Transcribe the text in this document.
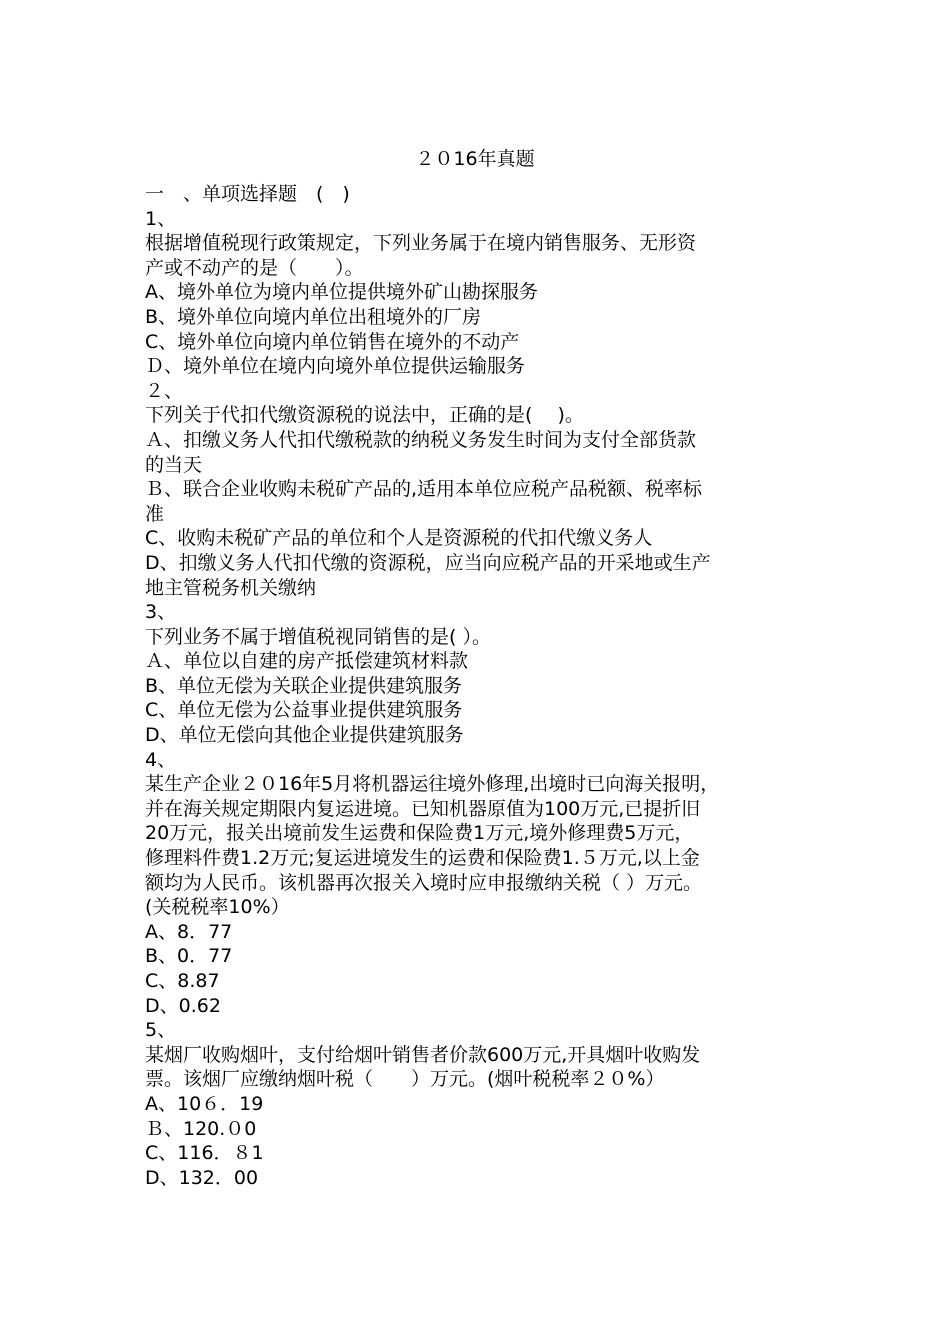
２０16年真题
一　、单项选择题　(　)
1、
根据增值税现行政策规定，下列业务属于在境内销售服务、无形资
产或不动产的是（　　）。
A、境外单位为境内单位提供境外矿山勘探服务
B、境外单位向境内单位出租境外的厂房
C、境外单位向境内单位销售在境外的不动产
Ｄ、境外单位在境内向境外单位提供运输服务
２、
下列关于代扣代缴资源税的说法中，正确的是(　 )。
Ａ、扣缴义务人代扣代缴税款的纳税义务发生时间为支付全部货款
的当天
Ｂ、联合企业收购未税矿产品的,适用本单位应税产品税额、税率标
准
C、收购未税矿产品的单位和个人是资源税的代扣代缴义务人
D、扣缴义务人代扣代缴的资源税，应当向应税产品的开采地或生产
地主管税务机关缴纳
3、
下列业务不属于增值税视同销售的是( ）。
Ａ、单位以自建的房产抵偿建筑材料款
B、单位无偿为关联企业提供建筑服务
C、单位无偿为公益事业提供建筑服务
D、单位无偿向其他企业提供建筑服务
4、
某生产企业２０16年5月将机器运往境外修理,出境时已向海关报明，
并在海关规定期限内复运进境。已知机器原值为100万元,已提折旧
20万元，报关出境前发生运费和保险费1万元,境外修理费5万元，
修理料件费1.2万元;复运进境发生的运费和保险费1.５万元,以上金
额均为人民币。该机器再次报关入境时应申报缴纳关税（ ）万元。
(关税税率10%）
A、8．77
B、0．77
C、8.87
D、0.62
5、
某烟厂收购烟叶，支付给烟叶销售者价款600万元,开具烟叶收购发
票。该烟厂应缴纳烟叶税（　　）万元。(烟叶税税率２０%）
A、10６．19
Ｂ、120.０0
C、116．８1
D、132．00
